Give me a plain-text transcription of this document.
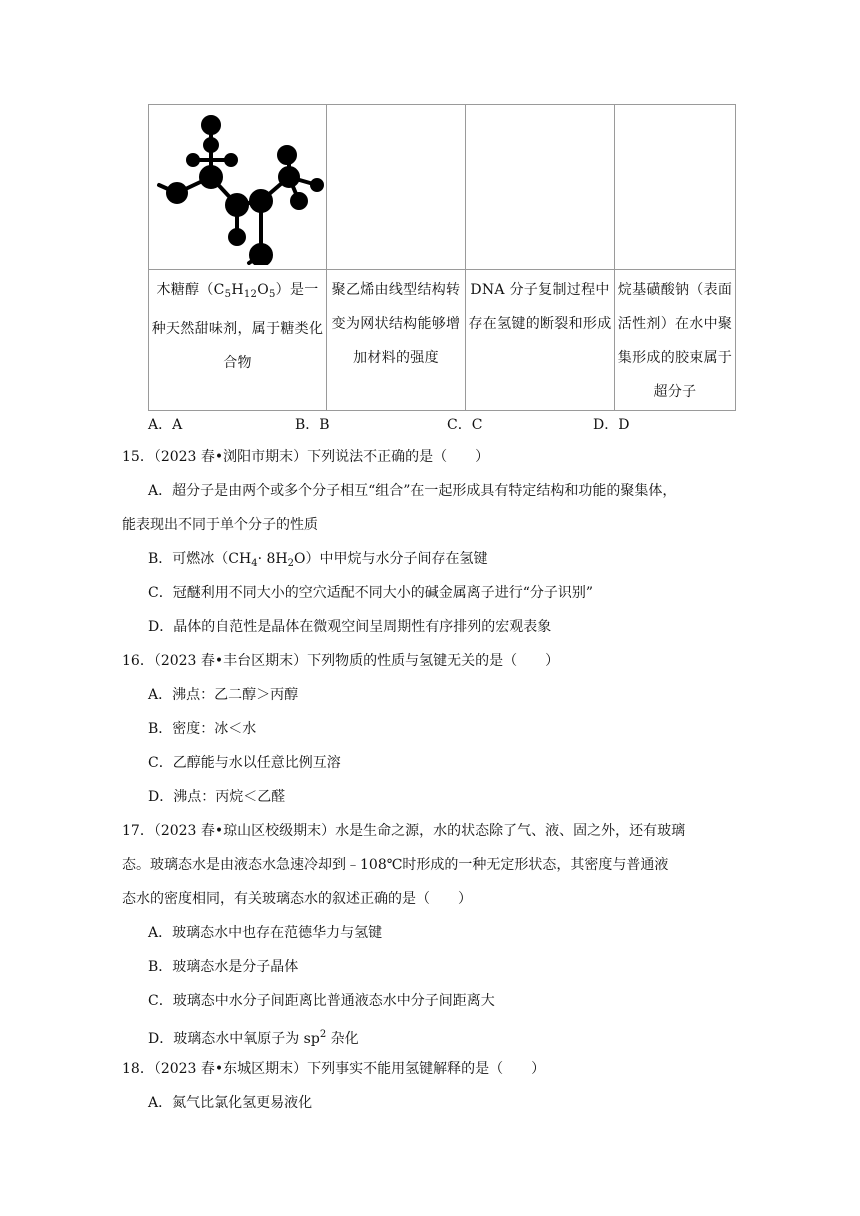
木糖醇$(C_5H_{12}O_5)$是一种天然甜味剂，属于糖类化合物	聚乙烯由线型结构转变为网状结构能够增加材料的强度	DNA 分子复制过程中存在氢键的断裂和形成	烷基磺酸钠（表面活性剂）在水中聚集形成的胶束属于超分子
A．A	B．B	C．C	D．D
15．（2023 春•浏阳市期末）下列说法不正确的是（　　）
A．超分子是由两个或多个分子相互“组合”在一起形成具有特定结构和功能的聚集体，
能表现出不同于单个分子的性质
B．可燃冰$(CH_4\cdot 8H_2O)$中甲烷与水分子间存在氢键
C．冠醚利用不同大小的空穴适配不同大小的碱金属离子进行“分子识别”
D．晶体的自范性是晶体在微观空间呈周期性有序排列的宏观表象
16．（2023 春•丰台区期末）下列物质的性质与氢键无关的是（　　）
A．沸点：乙二醇＞丙醇
B．密度：冰＜水
C．乙醇能与水以任意比例互溶
D．沸点：丙烷＜乙醛
17．（2023 春•琼山区校级期末）水是生命之源，水的状态除了气、液、固之外，还有玻璃
态。玻璃态水是由液态水急速冷却到﹣108℃时形成的一种无定形状态，其密度与普通液
态水的密度相同，有关玻璃态水的叙述正确的是（　　）
A．玻璃态水中也存在范德华力与氢键
B．玻璃态水是分子晶体
C．玻璃态中水分子间距离比普通液态水中分子间距离大
D．玻璃态水中氧原子为 $sp^2$ 杂化
18．（2023 春•东城区期末）下列事实不能用氢键解释的是（　　）
A．氮气比氯化氢更易液化
